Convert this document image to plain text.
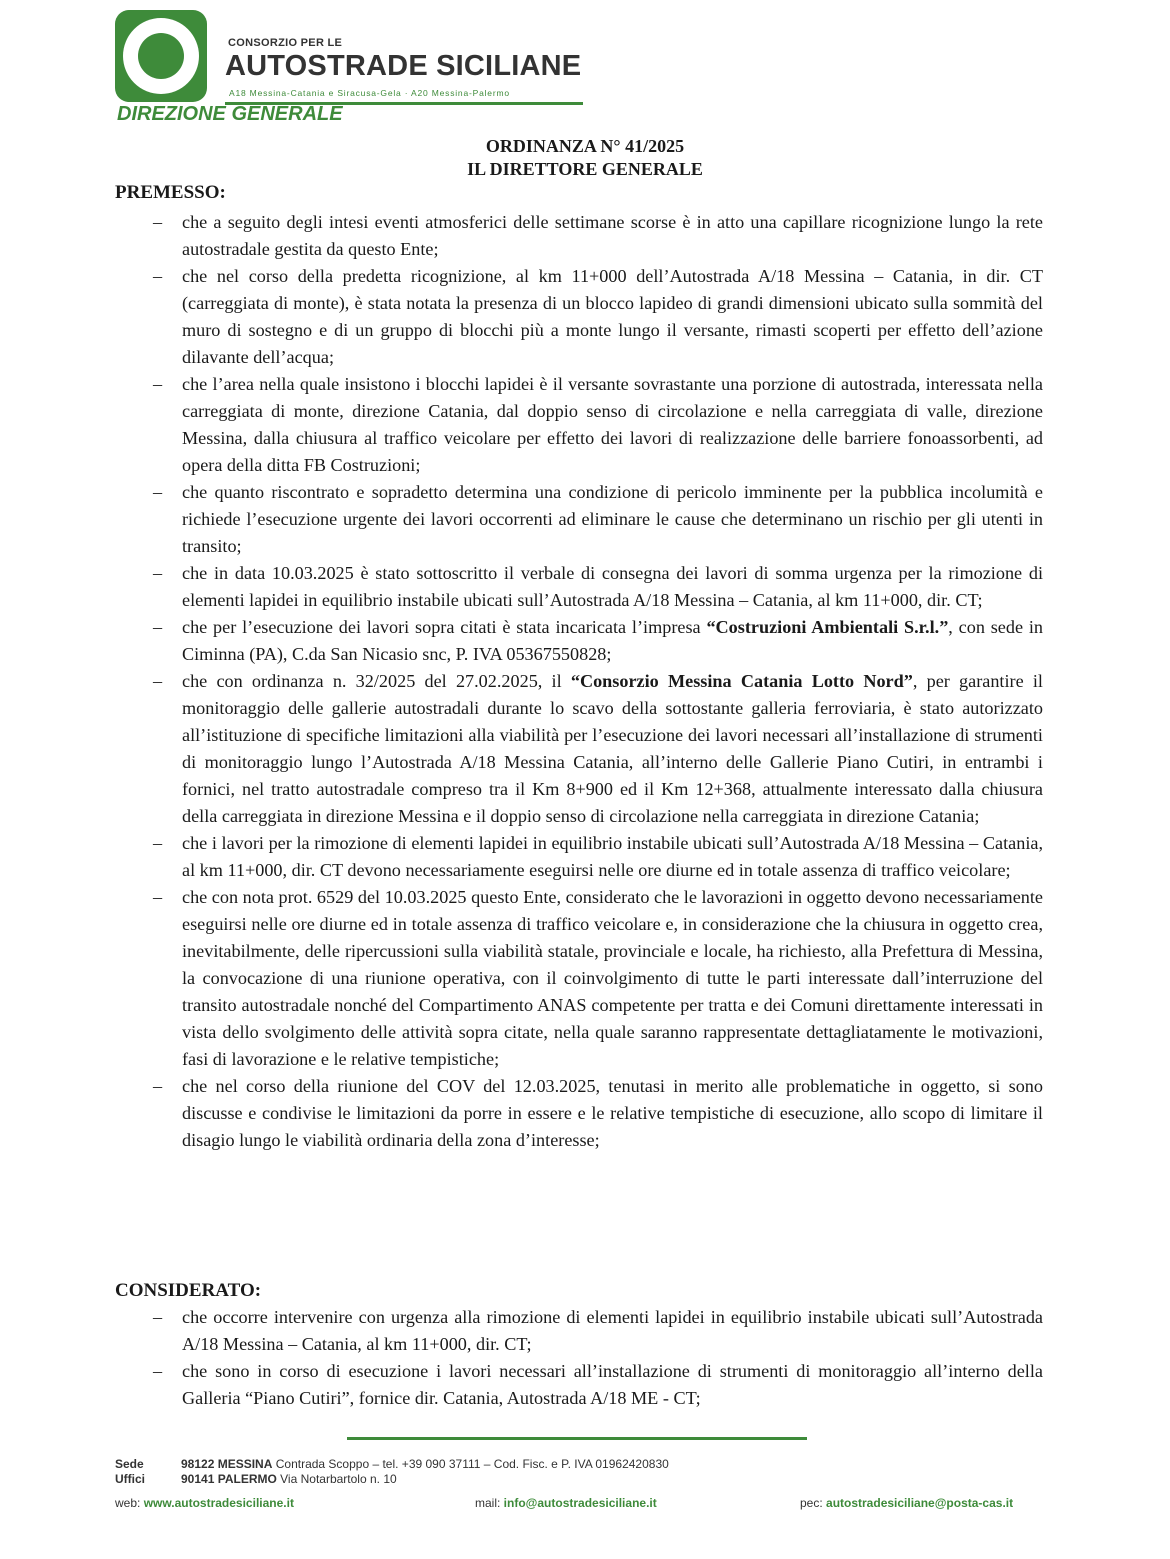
CONSORZIO PER LE
AUTOSTRADE SICILIANE
A18 Messina-Catania e Siracusa-Gela · A20 Messina-Palermo
DIREZIONE GENERALE
ORDINANZA N° 41/2025
IL DIRETTORE GENERALE
PREMESSO:
– che a seguito degli intesi eventi atmosferici delle settimane scorse è in atto una capillare ricognizione lungo la rete autostradale gestita da questo Ente;
– che nel corso della predetta ricognizione, al km 11+000 dell’Autostrada A/18 Messina – Catania, in dir. CT (carreggiata di monte), è stata notata la presenza di un blocco lapideo di grandi dimensioni ubicato sulla sommità del muro di sostegno e di un gruppo di blocchi più a monte lungo il versante, rimasti scoperti per effetto dell’azione dilavante dell’acqua;
– che l’area nella quale insistono i blocchi lapidei è il versante sovrastante una porzione di autostrada, interessata nella carreggiata di monte, direzione Catania, dal doppio senso di circolazione e nella carreggiata di valle, direzione Messina, dalla chiusura al traffico veicolare per effetto dei lavori di realizzazione delle barriere fonoassorbenti, ad opera della ditta FB Costruzioni;
– che quanto riscontrato e sopradetto determina una condizione di pericolo imminente per la pubblica incolumità e richiede l’esecuzione urgente dei lavori occorrenti ad eliminare le cause che determinano un rischio per gli utenti in transito;
– che in data 10.03.2025 è stato sottoscritto il verbale di consegna dei lavori di somma urgenza per la rimozione di elementi lapidei in equilibrio instabile ubicati sull’Autostrada A/18 Messina – Catania, al km 11+000, dir. CT;
– che per l’esecuzione dei lavori sopra citati è stata incaricata l’impresa “Costruzioni Ambientali S.r.l.”, con sede in Ciminna (PA), C.da San Nicasio snc, P. IVA 05367550828;
– che con ordinanza n. 32/2025 del 27.02.2025, il “Consorzio Messina Catania Lotto Nord”, per garantire il monitoraggio delle gallerie autostradali durante lo scavo della sottostante galleria ferroviaria, è stato autorizzato all’istituzione di specifiche limitazioni alla viabilità per l’esecuzione dei lavori necessari all’installazione di strumenti di monitoraggio lungo l’Autostrada A/18 Messina Catania, all’interno delle Gallerie Piano Cutiri, in entrambi i fornici, nel tratto autostradale compreso tra il Km 8+900 ed il Km 12+368, attualmente interessato dalla chiusura della carreggiata in direzione Messina e il doppio senso di circolazione nella carreggiata in direzione Catania;
– che i lavori per la rimozione di elementi lapidei in equilibrio instabile ubicati sull’Autostrada A/18 Messina – Catania, al km 11+000, dir. CT devono necessariamente eseguirsi nelle ore diurne ed in totale assenza di traffico veicolare;
– che con nota prot. 6529 del 10.03.2025 questo Ente, considerato che le lavorazioni in oggetto devono necessariamente eseguirsi nelle ore diurne ed in totale assenza di traffico veicolare e, in considerazione che la chiusura in oggetto crea, inevitabilmente, delle ripercussioni sulla viabilità statale, provinciale e locale, ha richiesto, alla Prefettura di Messina, la convocazione di una riunione operativa, con il coinvolgimento di tutte le parti interessate dall’interruzione del transito autostradale nonché del Compartimento ANAS competente per tratta e dei Comuni direttamente interessati in vista dello svolgimento delle attività sopra citate, nella quale saranno rappresentate dettagliatamente le motivazioni, fasi di lavorazione e le relative tempistiche;
– che nel corso della riunione del COV del 12.03.2025, tenutasi in merito alle problematiche in oggetto, si sono discusse e condivise le limitazioni da porre in essere e le relative tempistiche di esecuzione, allo scopo di limitare il disagio lungo le viabilità ordinaria della zona d’interesse;
CONSIDERATO:
– che occorre intervenire con urgenza alla rimozione di elementi lapidei in equilibrio instabile ubicati sull’Autostrada A/18 Messina – Catania, al km 11+000, dir. CT;
– che sono in corso di esecuzione i lavori necessari all’installazione di strumenti di monitoraggio all’interno della Galleria “Piano Cutiri”, fornice dir. Catania, Autostrada A/18 ME - CT;
Sede
Uffici
98122 MESSINA Contrada Scoppo – tel. +39 090 37111 – Cod. Fisc. e P. IVA 01962420830
90141 PALERMO Via Notarbartolo n. 10
web: www.autostradesiciliane.it	mail: info@autostradesiciliane.it	pec: autostradesiciliane@posta-cas.it
